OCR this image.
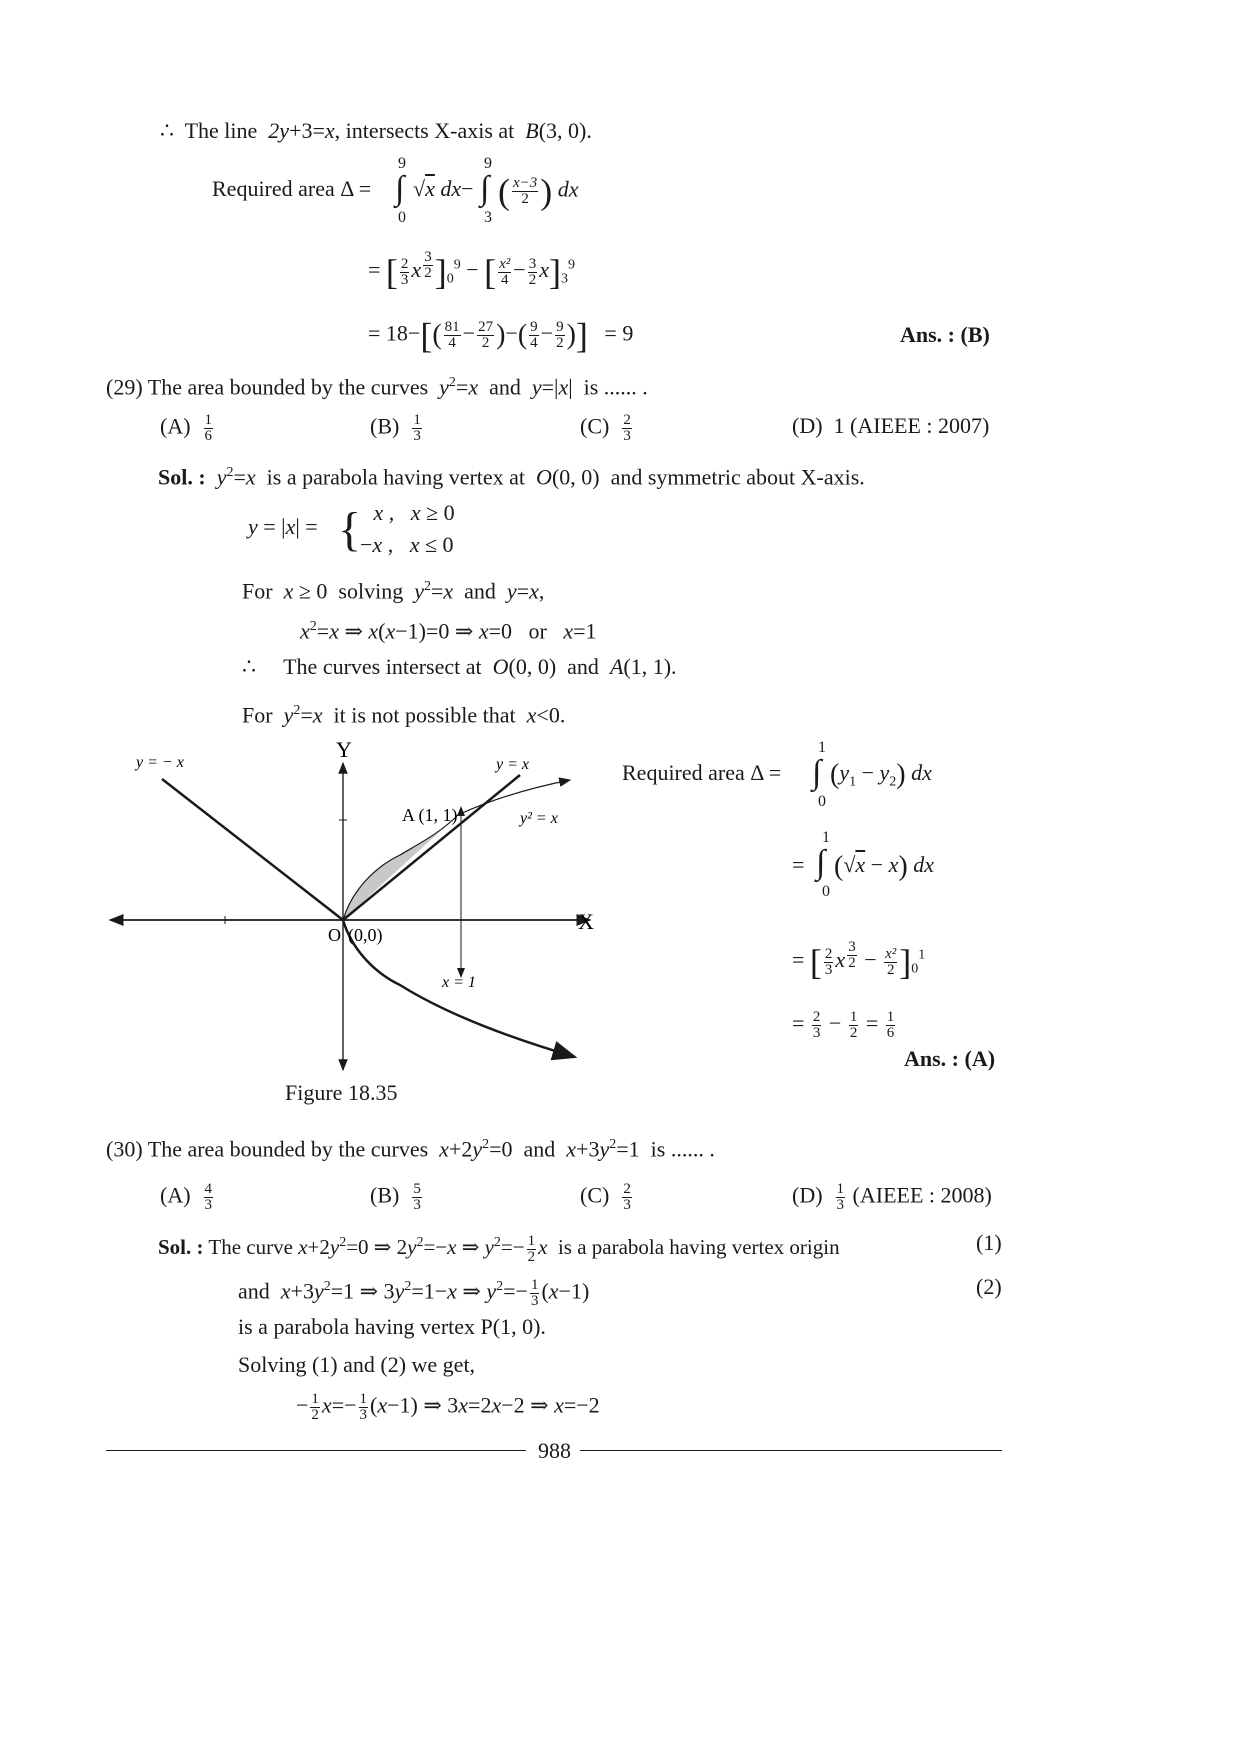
∴  The line  2y+3=x, intersects X-axis at  B(3, 0).
Required area Δ =
9
∫
0
√x dx−
9
∫
3
( $\frac{x-3}{2}$ ) dx
= [ $\frac{2}{3}$ x $^{\frac{3}{2}}$ ]$_0^9$ − [ $\frac{\text{x²}}{4} - \frac{3}{2} x]_3^9$
= $18-[( \frac{81}{4} - \frac{27}{2}$ )−( $\frac{9}{4} - \frac{9}{2}$ )] = 9	Ans. : (B)
(29) The area bounded by the curves $y^2=x$ and y=|x|  is ...... .
$(A) \frac{1}{6}$	$(B) \frac{1}{3}$	$(C) \frac{2}{3}$	(D) 1 (AIEEE : 2007)
Sol. : $y^2=x$ is a parabola having vertex at O(0, 0)  and symmetric about X-axis.
y = |x| = { x ,   x ≥ 0
−x ,   x ≤ 0
For x ≥ 0  solving $y^2=x$ and y=x,
$x^2=x$ ⇒ x(x−1)=0 ⇒ x=0   or x=1
∴     The curves intersect at O(0, 0)  and A(1, 1).
For $y^2=x$ it is not possible that x<0.
Y
X
y = − x	y = x
y² = x
A (1, 1)
O (0,0)
x = 1
Figure 18.35
Required area Δ =
1
∫
0
$(y_1 - y_2)$ dx
1
= ∫
0
(√x − x) dx
= [ $\frac{2}{3}$ x $^{\frac{3}{2}} - \frac{\text{x²}}{2} ]_0^1$
= $\frac{2}{3} - \frac{1}{2} = \frac{1}{6}$
Ans. : (A)
(30) The area bounded by the curves $x+2y^2=0$  and $x+3y^2=1$  is ...... .
$(A) \frac{4}{3}$	$(B) \frac{5}{3}$	$(C) \frac{2}{3}$	$(D) \frac{1}{3}$ (AIEEE : 2008)
Sol. : The curve $x+2y^2=0$ ⇒ $2y^2=-x$ ⇒ $y^2=- \frac{1}{2}$ x is a parabola having vertex origin	(1)
and $x+3y^2=1$ ⇒ $3y^2=1-x$ ⇒ $y^2=- \frac{1}{3} (x-1)$	(2)
is a parabola having vertex P(1, 0).
Solving (1) and (2) we get,
− $\frac{1}{2} x=- \frac{1}{3} (x-1)$ ⇒ 3x=2x−2 ⇒ x=−2
988
